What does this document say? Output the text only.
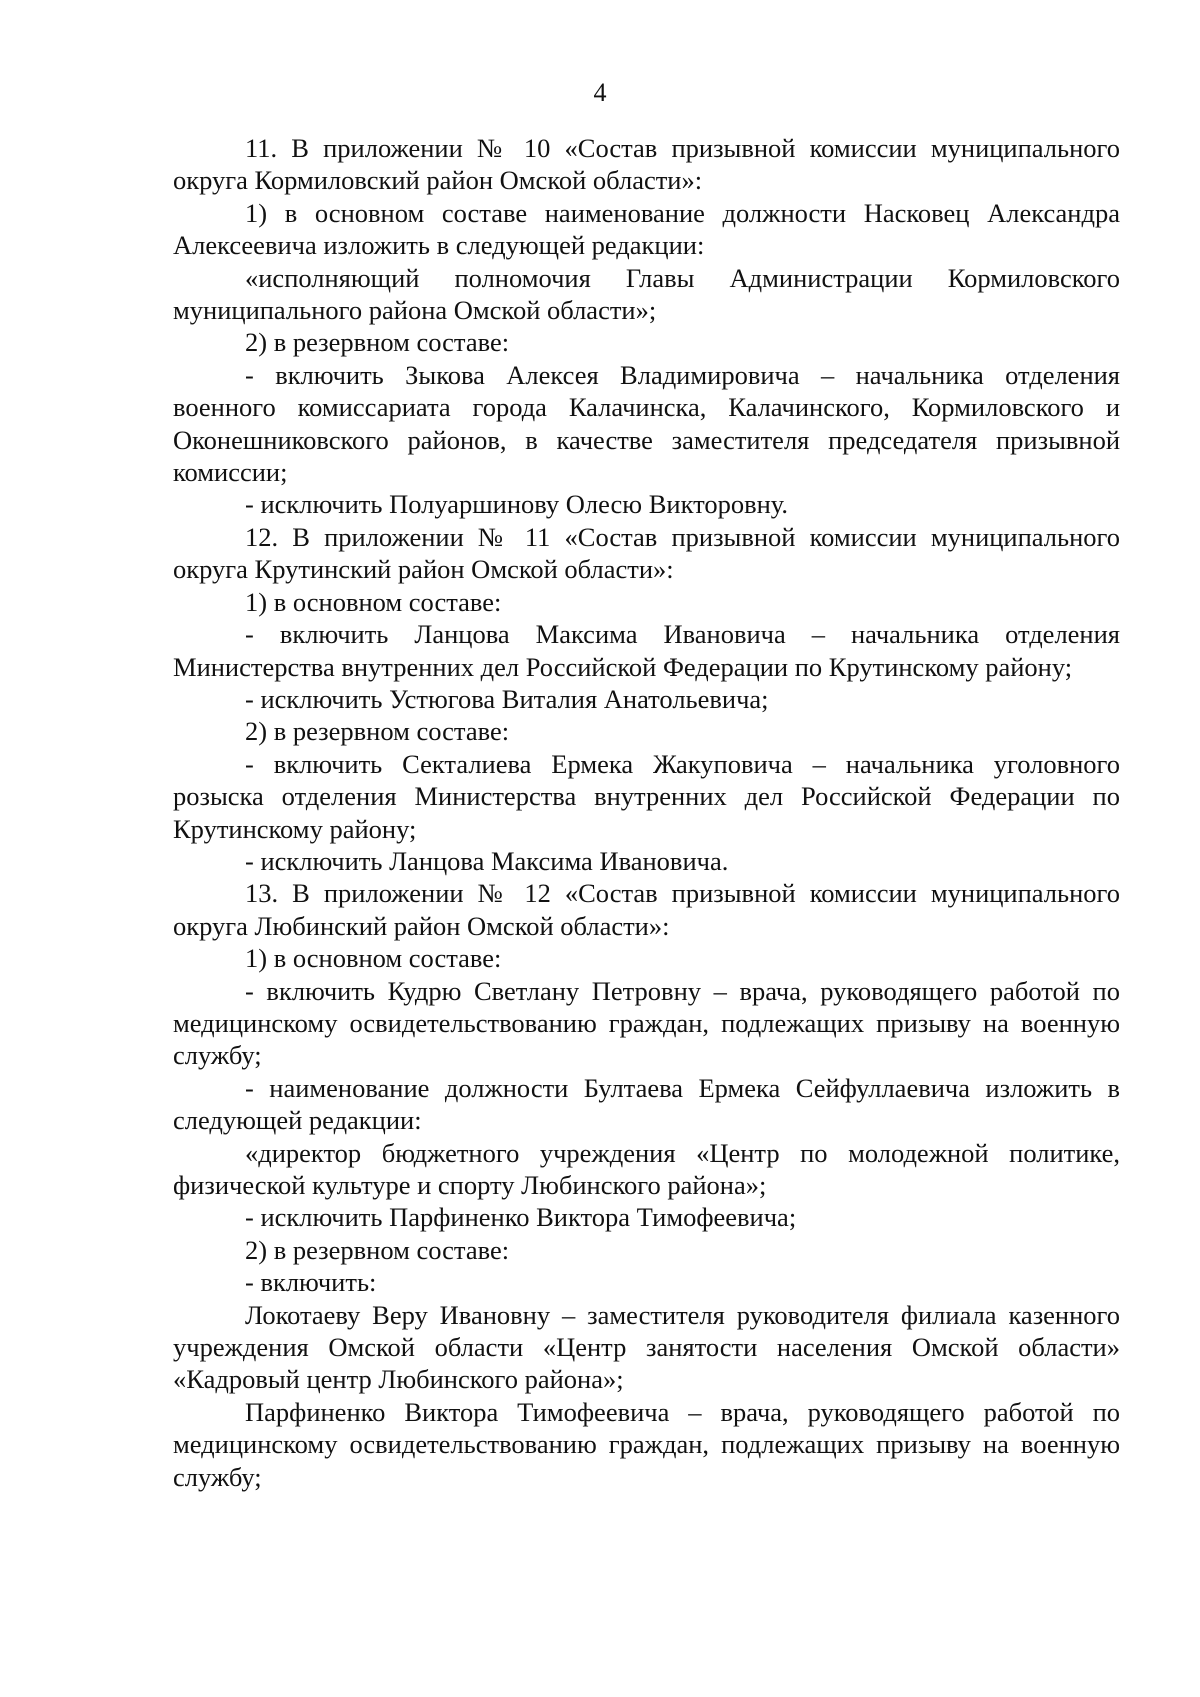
4

11. В приложении № 10 «Состав призывной комиссии муниципального округа Кормиловский район Омской области»:

1) в основном составе наименование должности Насковец Александра Алексеевича изложить в следующей редакции:

«исполняющий полномочия Главы Администрации Кормиловского муниципального района Омской области»;

2) в резервном составе:

- включить Зыкова Алексея Владимировича – начальника отделения военного комиссариата города Калачинска, Калачинского, Кормиловского и Оконешниковского районов, в качестве заместителя председателя призывной комиссии;

- исключить Полуаршинову Олесю Викторовну.

12. В приложении № 11 «Состав призывной комиссии муниципального округа Крутинский район Омской области»:

1) в основном составе:

- включить Ланцова Максима Ивановича – начальника отделения Министерства внутренних дел Российской Федерации по Крутинскому району;

- исключить Устюгова Виталия Анатольевича;

2) в резервном составе:

- включить Секталиева Ермека Жакуповича – начальника уголовного розыска отделения Министерства внутренних дел Российской Федерации по Крутинскому району;

- исключить Ланцова Максима Ивановича.

13. В приложении № 12 «Состав призывной комиссии муниципального округа Любинский район Омской области»:

1) в основном составе:

- включить Кудрю Светлану Петровну – врача, руководящего работой по медицинскому освидетельствованию граждан, подлежащих призыву на военную службу;

- наименование должности Бултаева Ермека Сейфуллаевича изложить в следующей редакции:

«директор бюджетного учреждения «Центр по молодежной политике, физической культуре и спорту Любинского района»;

- исключить Парфиненко Виктора Тимофеевича;

2) в резервном составе:

- включить:

Локотаеву Веру Ивановну – заместителя руководителя филиала казенного учреждения Омской области «Центр занятости населения Омской области» «Кадровый центр Любинского района»;

Парфиненко Виктора Тимофеевича – врача, руководящего работой по медицинскому освидетельствованию граждан, подлежащих призыву на военную службу;
